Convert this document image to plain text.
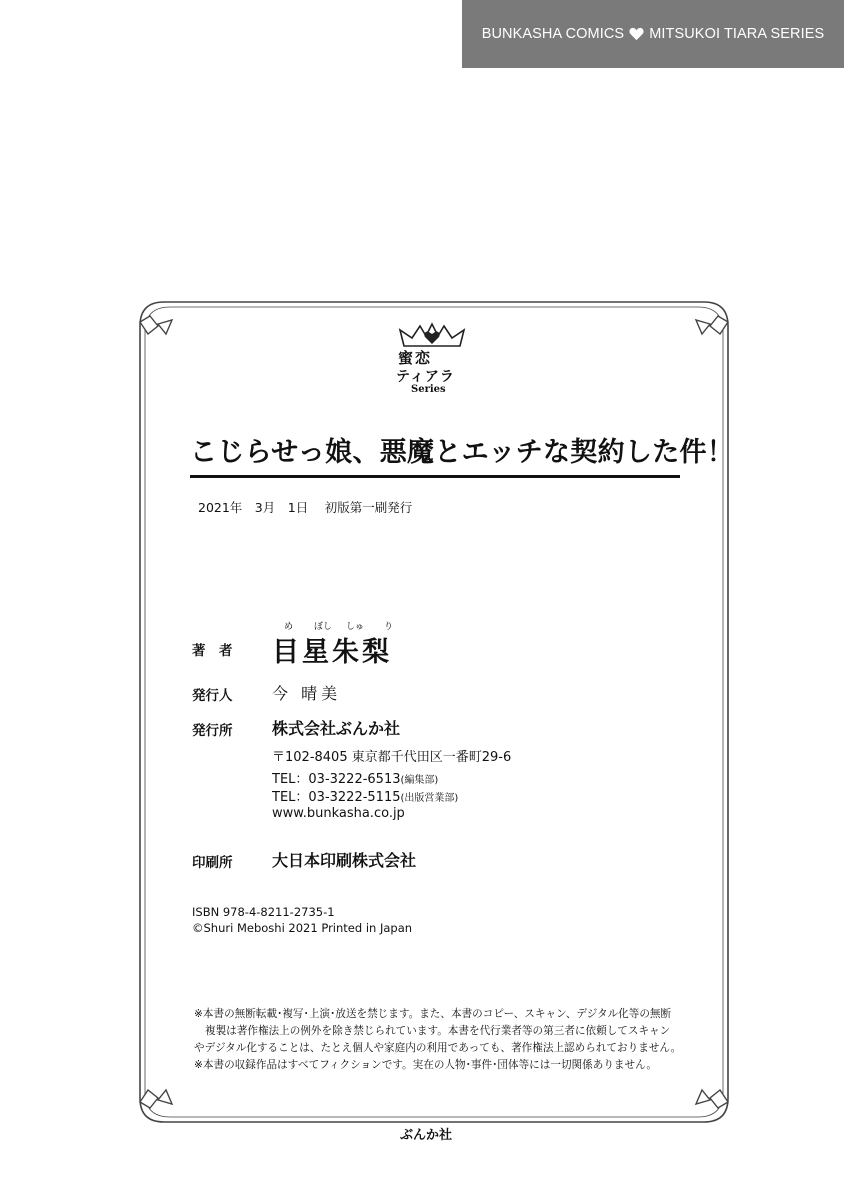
BUNKASHA COMICS MITSUKOI TIARA SERIES
蜜恋
ティアラ
Series
こじらせっ娘、悪魔とエッチな契約した件！
2021年　3月　1日　 初版第一刷発行
著　者
め ぼし しゅ り
目星朱梨
発行人 今 晴美
発行所 株式会社ぶんか社
〒102-8405 東京都千代田区一番町29-6
TEL：03-3222-6513(編集部)
TEL：03-3222-5115(出版営業部)
www.bunkasha.co.jp
印刷所 大日本印刷株式会社
ISBN 978-4-8211-2735-1
©Shuri Meboshi 2021 Printed in Japan

※本書の無断転載･複写･上演･放送を禁じます。また、本書のコピー、スキャン、デジタル化等の無断

複製は著作権法上の例外を除き禁じられています。本書を代行業者等の第三者に依頼してスキャン

やデジタル化することは、たとえ個人や家庭内の利用であっても、著作権法上認められておりません。

※本書の収録作品はすべてフィクションです。実在の人物･事件･団体等には一切関係ありません。

ぶんか社
